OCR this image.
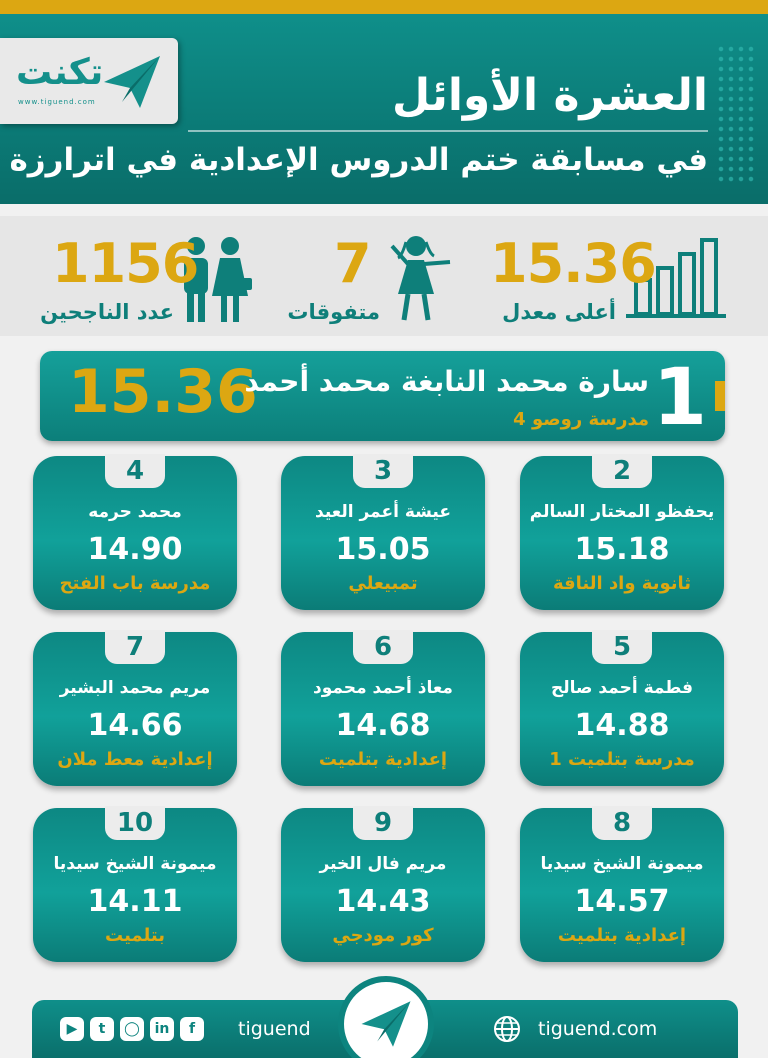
تكنت
www.tiguend.com	العشرة الأوائل
في مسابقة ختم الدروس الإعدادية في اترارزة
15.36
أعلى معدل
7
متفوقات
1156
عدد الناجحين
15.36
سارة محمد النابغة محمد أحمد
مدرسة روصو 4 1
2
يحفظو المختار السالم
15.18
ثانوية واد الناقة
3
عيشة أعمر العيد
15.05
تمبيعلي
4
محمد حرمه
14.90
مدرسة باب الفتح
5
فطمة أحمد صالح
14.88
مدرسة بتلميت 1
6
معاذ أحمد محمود
14.68
إعدادية بتلميت
7
مريم محمد البشير
14.66
إعدادية معط ملان
8
ميمونة الشيخ سيديا
14.57
إعدادية بتلميت
9
مريم فال الخير
14.43
كور مودجي
10
ميمونة الشيخ سيديا
14.11
بتلميت
▶	t	◯	in	f	tiguend	tiguend.com
